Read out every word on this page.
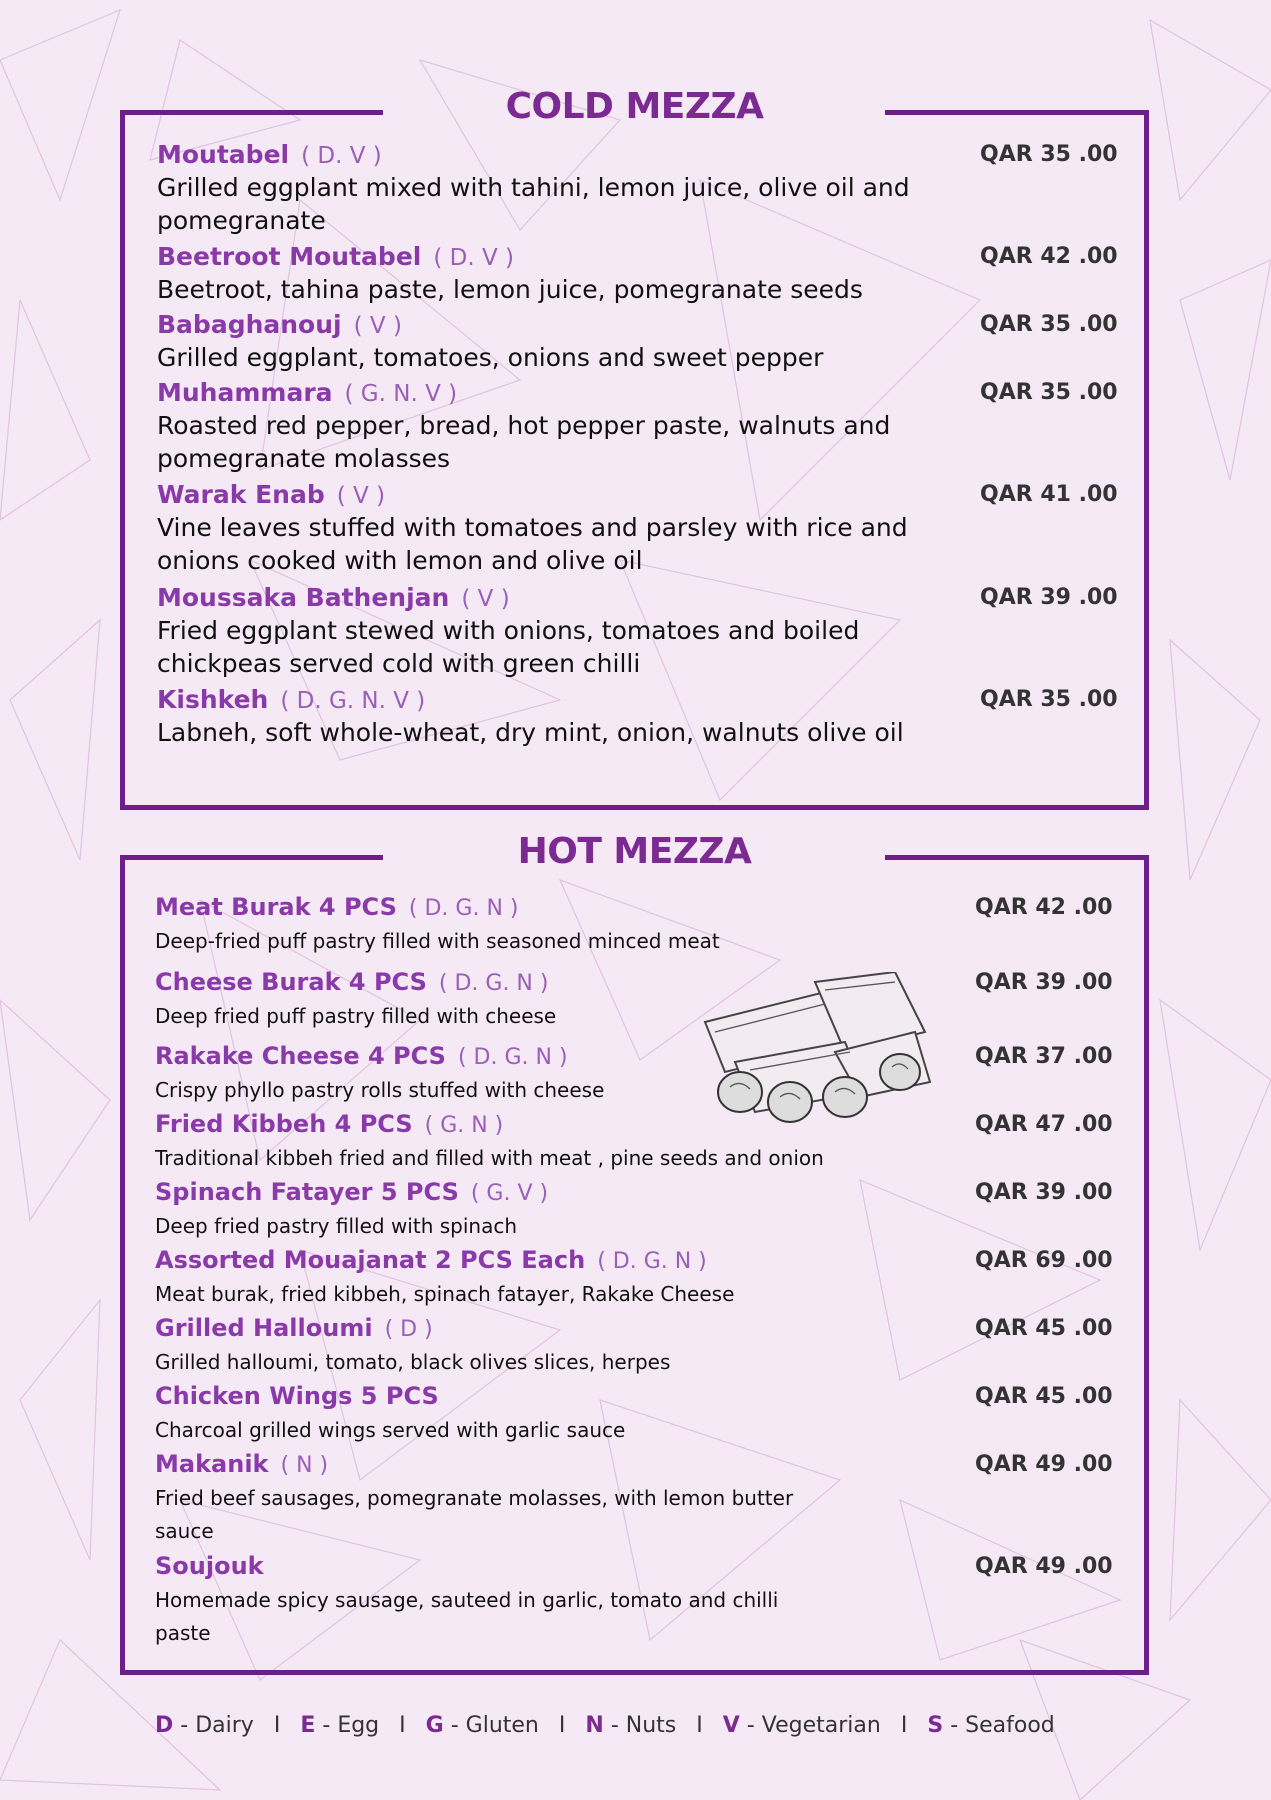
COLD MEZZA
Moutabel ( D. V )
Grilled eggplant mixed with tahini, lemon juice, olive oil and pomegranate
QAR 35 .00
Beetroot Moutabel ( D. V )
Beetroot, tahina paste, lemon juice, pomegranate seeds
QAR 42 .00
Babaghanouj ( V )
Grilled eggplant, tomatoes, onions and sweet pepper
QAR 35 .00
Muhammara ( G. N. V )
Roasted red pepper, bread, hot pepper paste, walnuts and pomegranate molasses
QAR 35 .00
Warak Enab ( V )
Vine leaves stuffed with tomatoes and parsley with rice and onions cooked with lemon and olive oil
QAR 41 .00
Moussaka Bathenjan ( V )
Fried eggplant stewed with onions, tomatoes and boiled chickpeas served cold with green chilli
QAR 39 .00
Kishkeh ( D. G. N. V )
Labneh, soft whole-wheat, dry mint, onion, walnuts olive oil
QAR 35 .00
HOT MEZZA
Meat Burak 4 PCS ( D. G. N )
Deep-fried puff pastry filled with seasoned minced meat
QAR 42 .00
Cheese Burak 4 PCS ( D. G. N )
Deep fried puff pastry filled with cheese
QAR 39 .00
Rakake Cheese 4 PCS ( D. G. N )
Crispy phyllo pastry rolls stuffed with cheese
QAR 37 .00
Fried Kibbeh 4 PCS ( G. N )
Traditional kibbeh fried and filled with meat , pine seeds and onion
QAR 47 .00
Spinach Fatayer 5 PCS ( G. V )
Deep fried pastry filled with spinach
QAR 39 .00
Assorted Mouajanat 2 PCS Each ( D. G. N )
Meat burak, fried kibbeh, spinach fatayer, Rakake Cheese
QAR 69 .00
Grilled Halloumi ( D )
Grilled halloumi, tomato, black olives slices, herpes
QAR 45 .00
Chicken Wings 5 PCS
Charcoal grilled wings served with garlic sauce
QAR 45 .00
Makanik ( N )
Fried beef sausages, pomegranate molasses, with lemon butter sauce
QAR 49 .00
Soujouk
Homemade spicy sausage, sauteed in garlic, tomato and chilli paste
QAR 49 .00
D - Dairy I E - Egg I G - Gluten I N - Nuts I V - Vegetarian I S - Seafood
